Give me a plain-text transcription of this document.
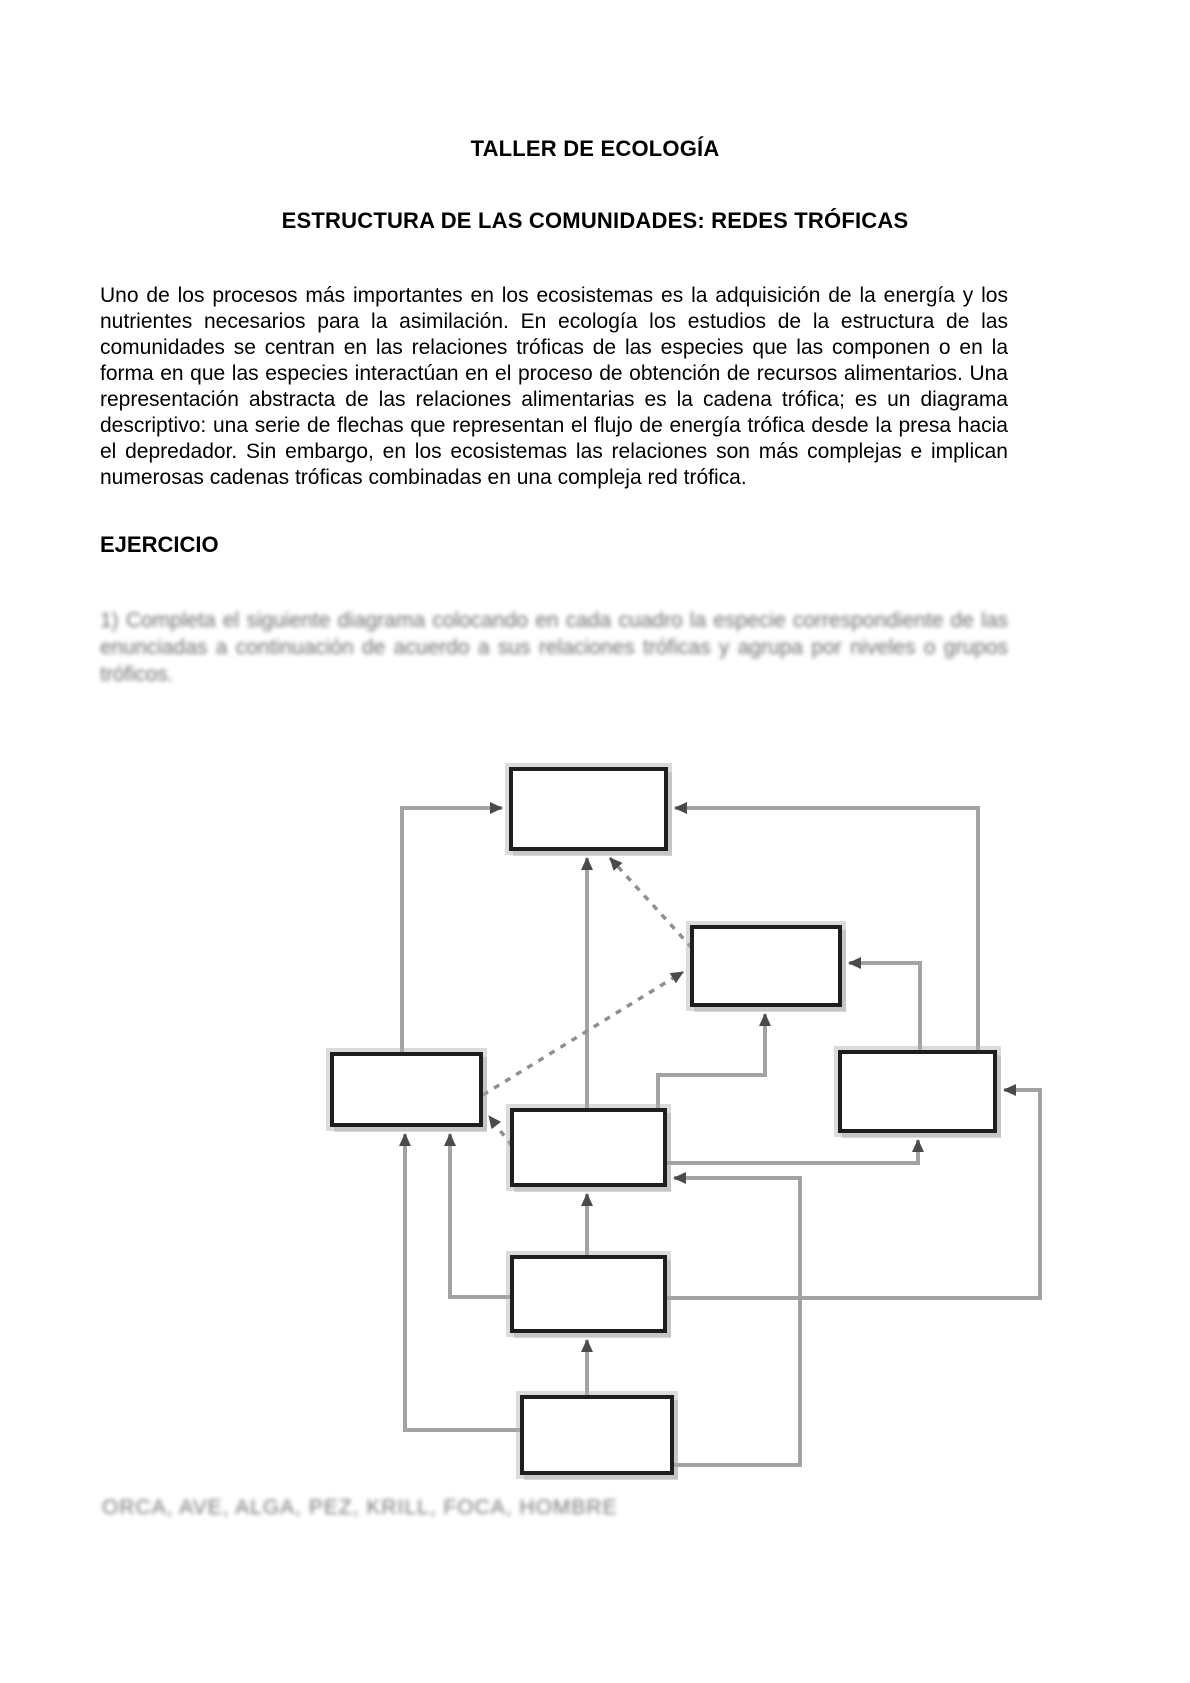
TALLER DE ECOLOGÍA
ESTRUCTURA DE LAS COMUNIDADES: REDES TRÓFICAS
Uno de los procesos más importantes en los ecosistemas es la adquisición de la energía y los nutrientes necesarios para la asimilación. En ecología los estudios de la estructura de las comunidades se centran en las relaciones tróficas de las especies que las componen o en la forma en que las especies interactúan en el proceso de obtención de recursos alimentarios. Una representación abstracta de las relaciones alimentarias es la cadena trófica; es un diagrama descriptivo: una serie de flechas que representan el flujo de energía trófica desde la presa hacia el depredador. Sin embargo, en los ecosistemas las relaciones son más complejas e implican numerosas cadenas tróficas combinadas en una compleja red trófica.
EJERCICIO
1) Completa el siguiente diagrama colocando en cada cuadro la especie correspondiente de las enunciadas a continuación de acuerdo a sus relaciones tróficas y agrupa por niveles o grupos tróficos.
ORCA, AVE, ALGA, PEZ, KRILL, FOCA, HOMBRE
